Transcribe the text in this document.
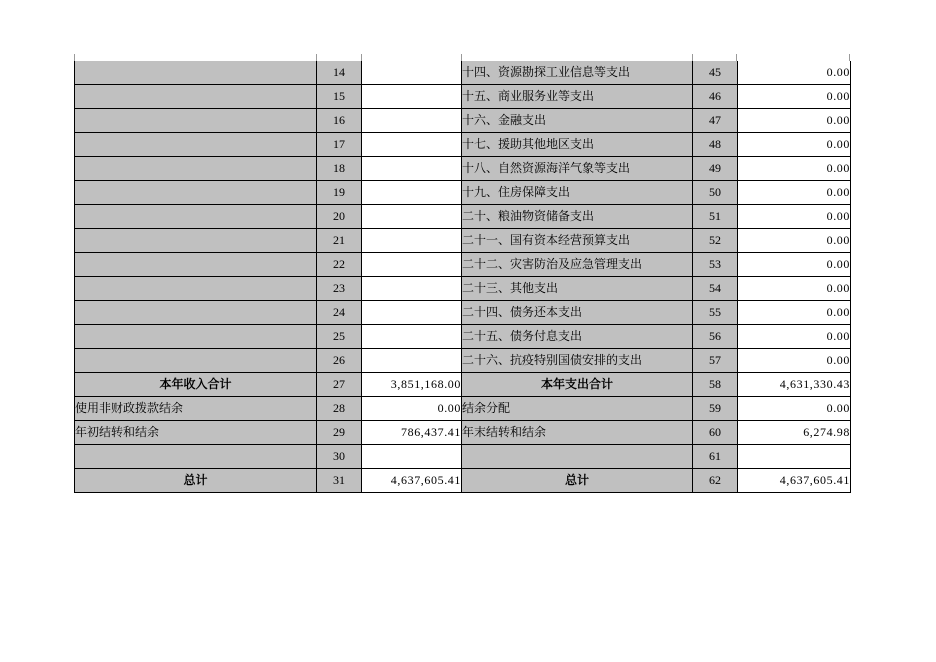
	14		十四、资源勘探工业信息等支出	45	0.00
	15		十五、商业服务业等支出	46	0.00
	16		十六、金融支出	47	0.00
	17		十七、援助其他地区支出	48	0.00
	18		十八、自然资源海洋气象等支出	49	0.00
	19		十九、住房保障支出	50	0.00
	20		二十、粮油物资储备支出	51	0.00
	21		二十一、国有资本经营预算支出	52	0.00
	22		二十二、灾害防治及应急管理支出	53	0.00
	23		二十三、其他支出	54	0.00
	24		二十四、债务还本支出	55	0.00
	25		二十五、债务付息支出	56	0.00
	26		二十六、抗疫特别国债安排的支出	57	0.00
本年收入合计	27	3,851,168.00	本年支出合计	58	4,631,330.43
使用非财政拨款结余	28	0.00	结余分配	59	0.00
年初结转和结余	29	786,437.41	年末结转和结余	60	6,274.98
	30			61	
总计	31	4,637,605.41	总计	62	4,637,605.41
